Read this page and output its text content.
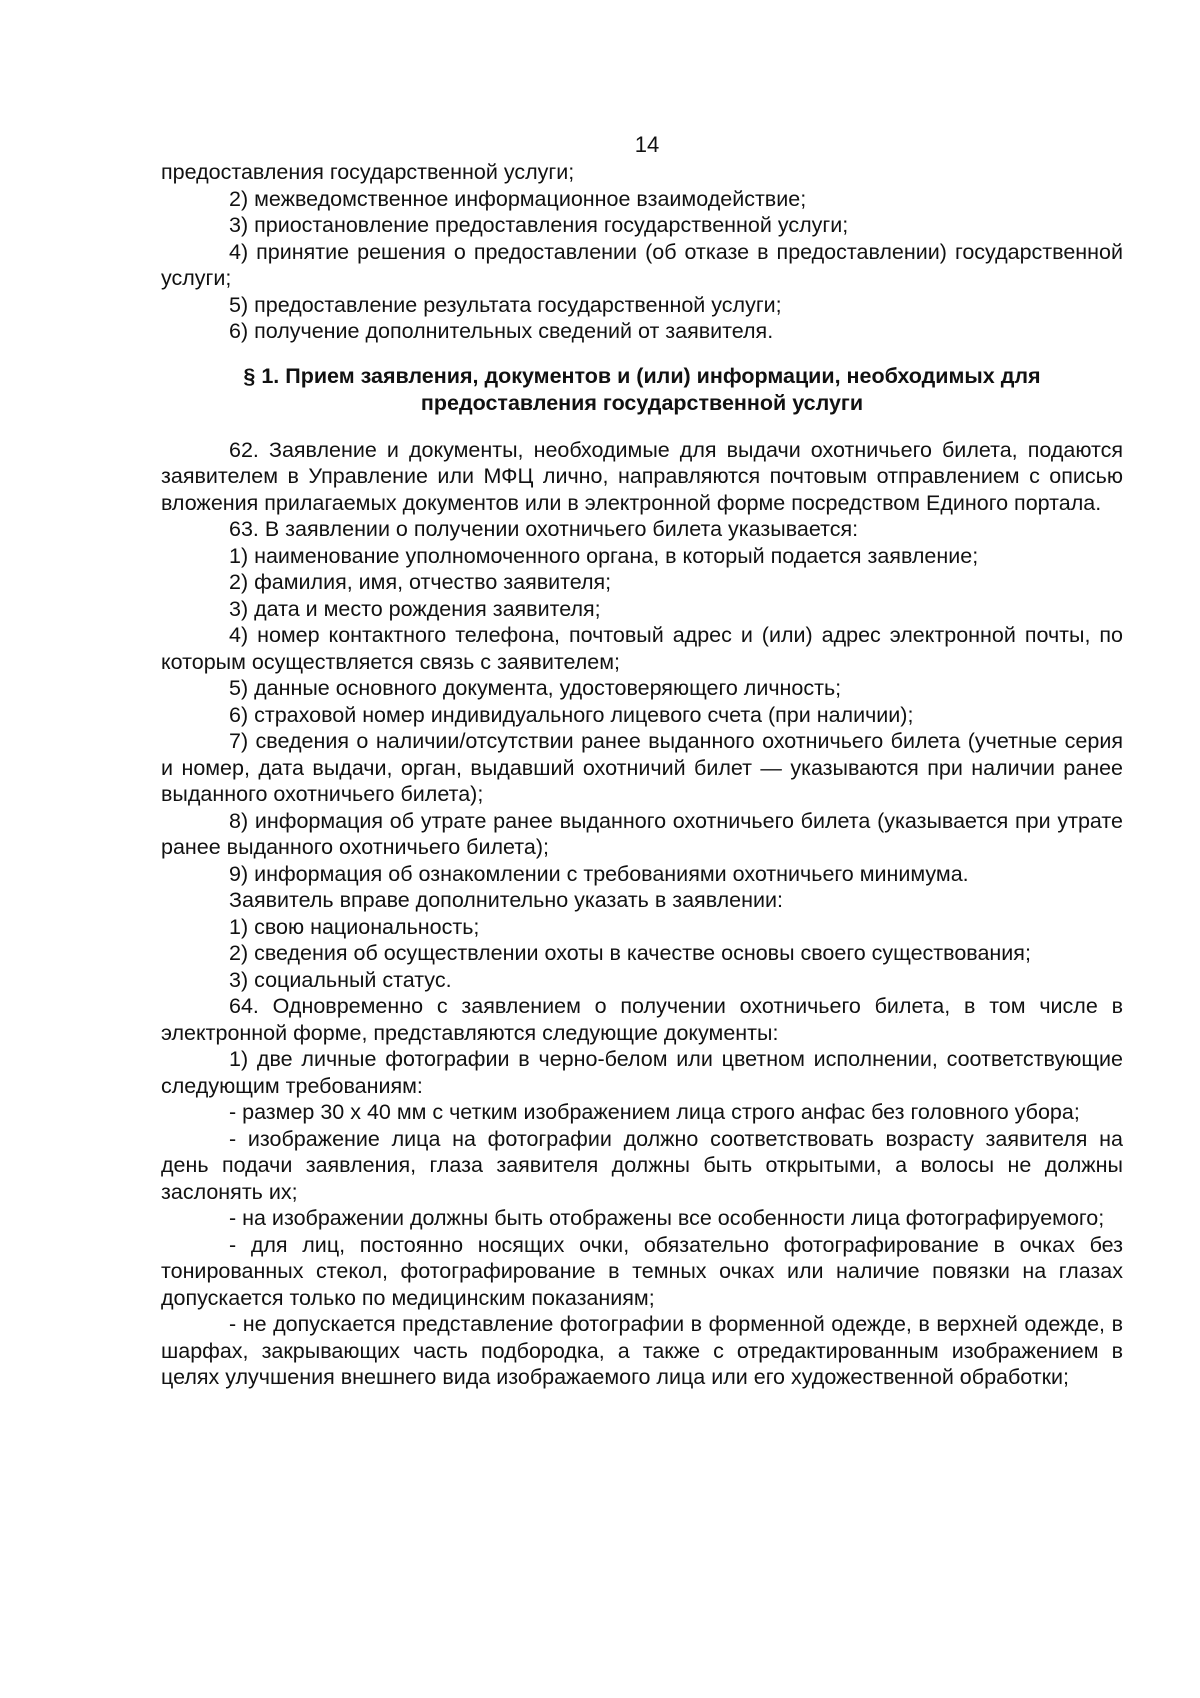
14

предоставления государственной услуги;

2) межведомственное информационное взаимодействие;

3) приостановление предоставления государственной услуги;

4) принятие решения о предоставлении (об отказе в предоставлении) государственной услуги;

5) предоставление результата государственной услуги;

6) получение дополнительных сведений от заявителя.

§ 1. Прием заявления, документов и (или) информации, необходимых для предоставления государственной услуги

62. Заявление и документы, необходимые для выдачи охотничьего билета, подаются заявителем в Управление или МФЦ лично, направляются почтовым отправлением с описью вложения прилагаемых документов или в электронной форме посредством Единого портала.

63. В заявлении о получении охотничьего билета указывается:

1) наименование уполномоченного органа, в который подается заявление;

2) фамилия, имя, отчество заявителя;

3) дата и место рождения заявителя;

4) номер контактного телефона, почтовый адрес и (или) адрес электронной почты, по которым осуществляется связь с заявителем;

5) данные основного документа, удостоверяющего личность;

6) страховой номер индивидуального лицевого счета (при наличии);

7) сведения о наличии/отсутствии ранее выданного охотничьего билета (учетные серия и номер, дата выдачи, орган, выдавший охотничий билет — указываются при наличии ранее выданного охотничьего билета);

8) информация об утрате ранее выданного охотничьего билета (указывается при утрате ранее выданного охотничьего билета);

9) информация об ознакомлении с требованиями охотничьего минимума.

Заявитель вправе дополнительно указать в заявлении:

1) свою национальность;

2) сведения об осуществлении охоты в качестве основы своего существования;

3) социальный статус.

64. Одновременно с заявлением о получении охотничьего билета, в том числе в электронной форме, представляются следующие документы:

1) две личные фотографии в черно-белом или цветном исполнении, соответствующие следующим требованиям:

- размер 30 х 40 мм с четким изображением лица строго анфас без головного убора;

- изображение лица на фотографии должно соответствовать возрасту заявителя на день подачи заявления, глаза заявителя должны быть открытыми, а волосы не должны заслонять их;

- на изображении должны быть отображены все особенности лица фотографируемого;

- для лиц, постоянно носящих очки, обязательно фотографирование в очках без тонированных стекол, фотографирование в темных очках или наличие повязки на глазах допускается только по медицинским показаниям;

- не допускается представление фотографии в форменной одежде, в верхней одежде, в шарфах, закрывающих часть подбородка, а также с отредактированным изображением в целях улучшения внешнего вида изображаемого лица или его художественной обработки;
